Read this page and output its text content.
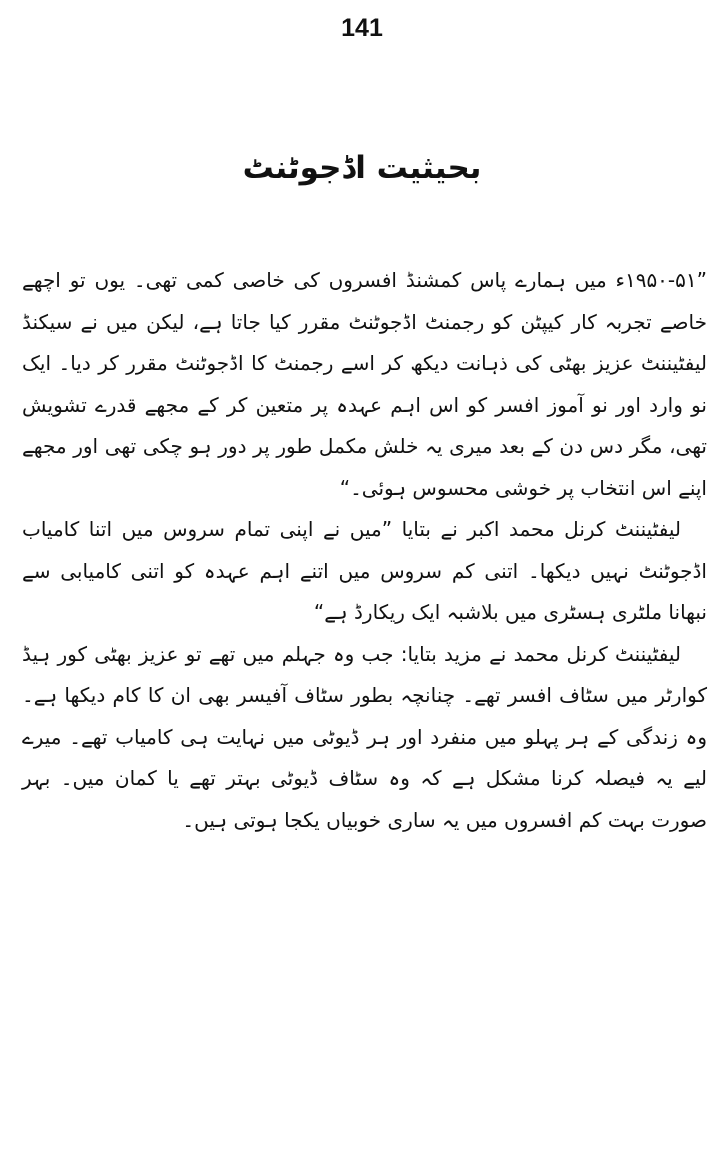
141
بحیثیت اڈجوٹنٹ

”۱۹۵۰-۵۱ء میں ہمارے پاس کمشنڈ افسروں کی خاصی کمی تھی۔ یوں تو اچھے خاصے تجربہ کار کیپٹن کو رجمنٹ اڈجوٹنٹ مقرر کیا جاتا ہے، لیکن میں نے سیکنڈ لیفٹیننٹ عزیز بھٹی کی ذہانت دیکھ کر اسے رجمنٹ کا اڈجوٹنٹ مقرر کر دیا۔ ایک نو وارد اور نو آموز افسر کو اس اہم عہدہ پر متعین کر کے مجھے قدرے تشویش تھی، مگر دس دن کے بعد میری یہ خلش مکمل طور پر دور ہو چکی تھی اور مجھے اپنے اس انتخاب پر خوشی محسوس ہوئی۔“

لیفٹیننٹ کرنل محمد اکبر نے بتایا ”میں نے اپنی تمام سروس میں اتنا کامیاب اڈجوٹنٹ نہیں دیکھا۔ اتنی کم سروس میں اتنے اہم عہدہ کو اتنی کامیابی سے نبھانا ملٹری ہسٹری میں بلاشبہ ایک ریکارڈ ہے“

لیفٹیننٹ کرنل محمد نے مزید بتایا: جب وہ جہلم میں تھے تو عزیز بھٹی کور ہیڈ کوارٹر میں سٹاف افسر تھے۔ چنانچہ بطور سٹاف آفیسر بھی ان کا کام دیکھا ہے۔ وہ زندگی کے ہر پہلو میں منفرد اور ہر ڈیوٹی میں نہایت ہی کامیاب تھے۔ میرے لیے یہ فیصلہ کرنا مشکل ہے کہ وہ سٹاف ڈیوٹی بہتر تھے یا کمان میں۔ بہر صورت بہت کم افسروں میں یہ ساری خوبیاں یکجا ہوتی ہیں۔
